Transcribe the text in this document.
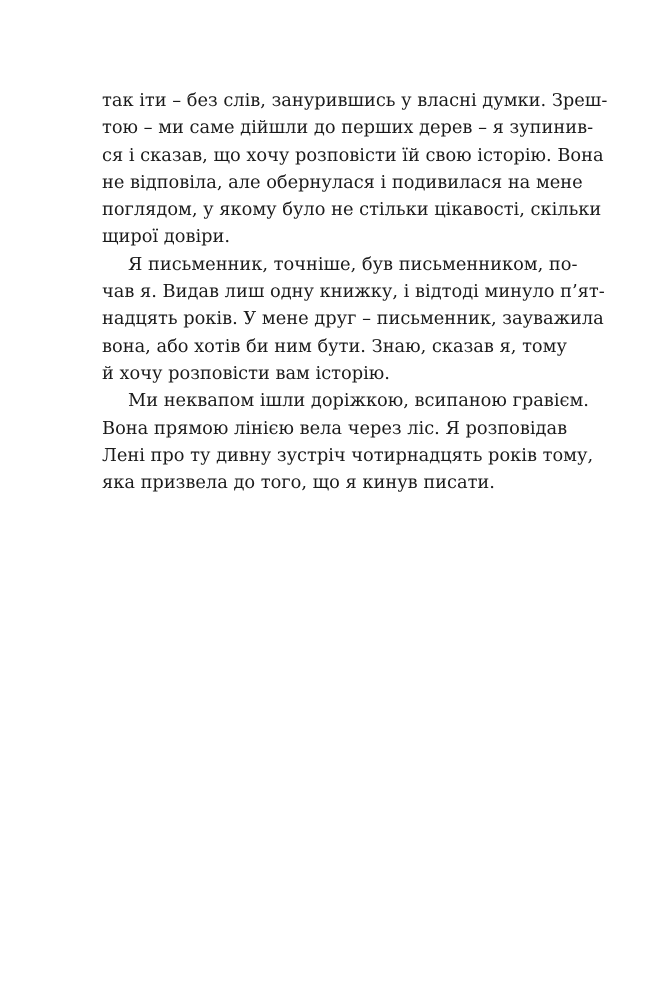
так іти – без слів, занурившись у власні думки. Зреш-
тою – ми саме дійшли до перших дерев – я зупинив-
ся і сказав, що хочу розповісти їй свою історію. Вона
не відповіла, але обернулася і подивилася на мене
поглядом, у якому було не стільки цікавості, скільки
щирої довіри.
Я письменник, точніше, був письменником, по-
чав я. Видав лиш одну книжку, і відтоді минуло п’ят-
надцять років. У мене друг – письменник, зауважила
вона, або хотів би ним бути. Знаю, сказав я, тому
й хочу розповісти вам історію.
Ми неквапом ішли доріжкою, всипаною гравієм.
Вона прямою лінією вела через ліс. Я розповідав
Лені про ту дивну зустріч чотирнадцять років тому,
яка призвела до того, що я кинув писати.
